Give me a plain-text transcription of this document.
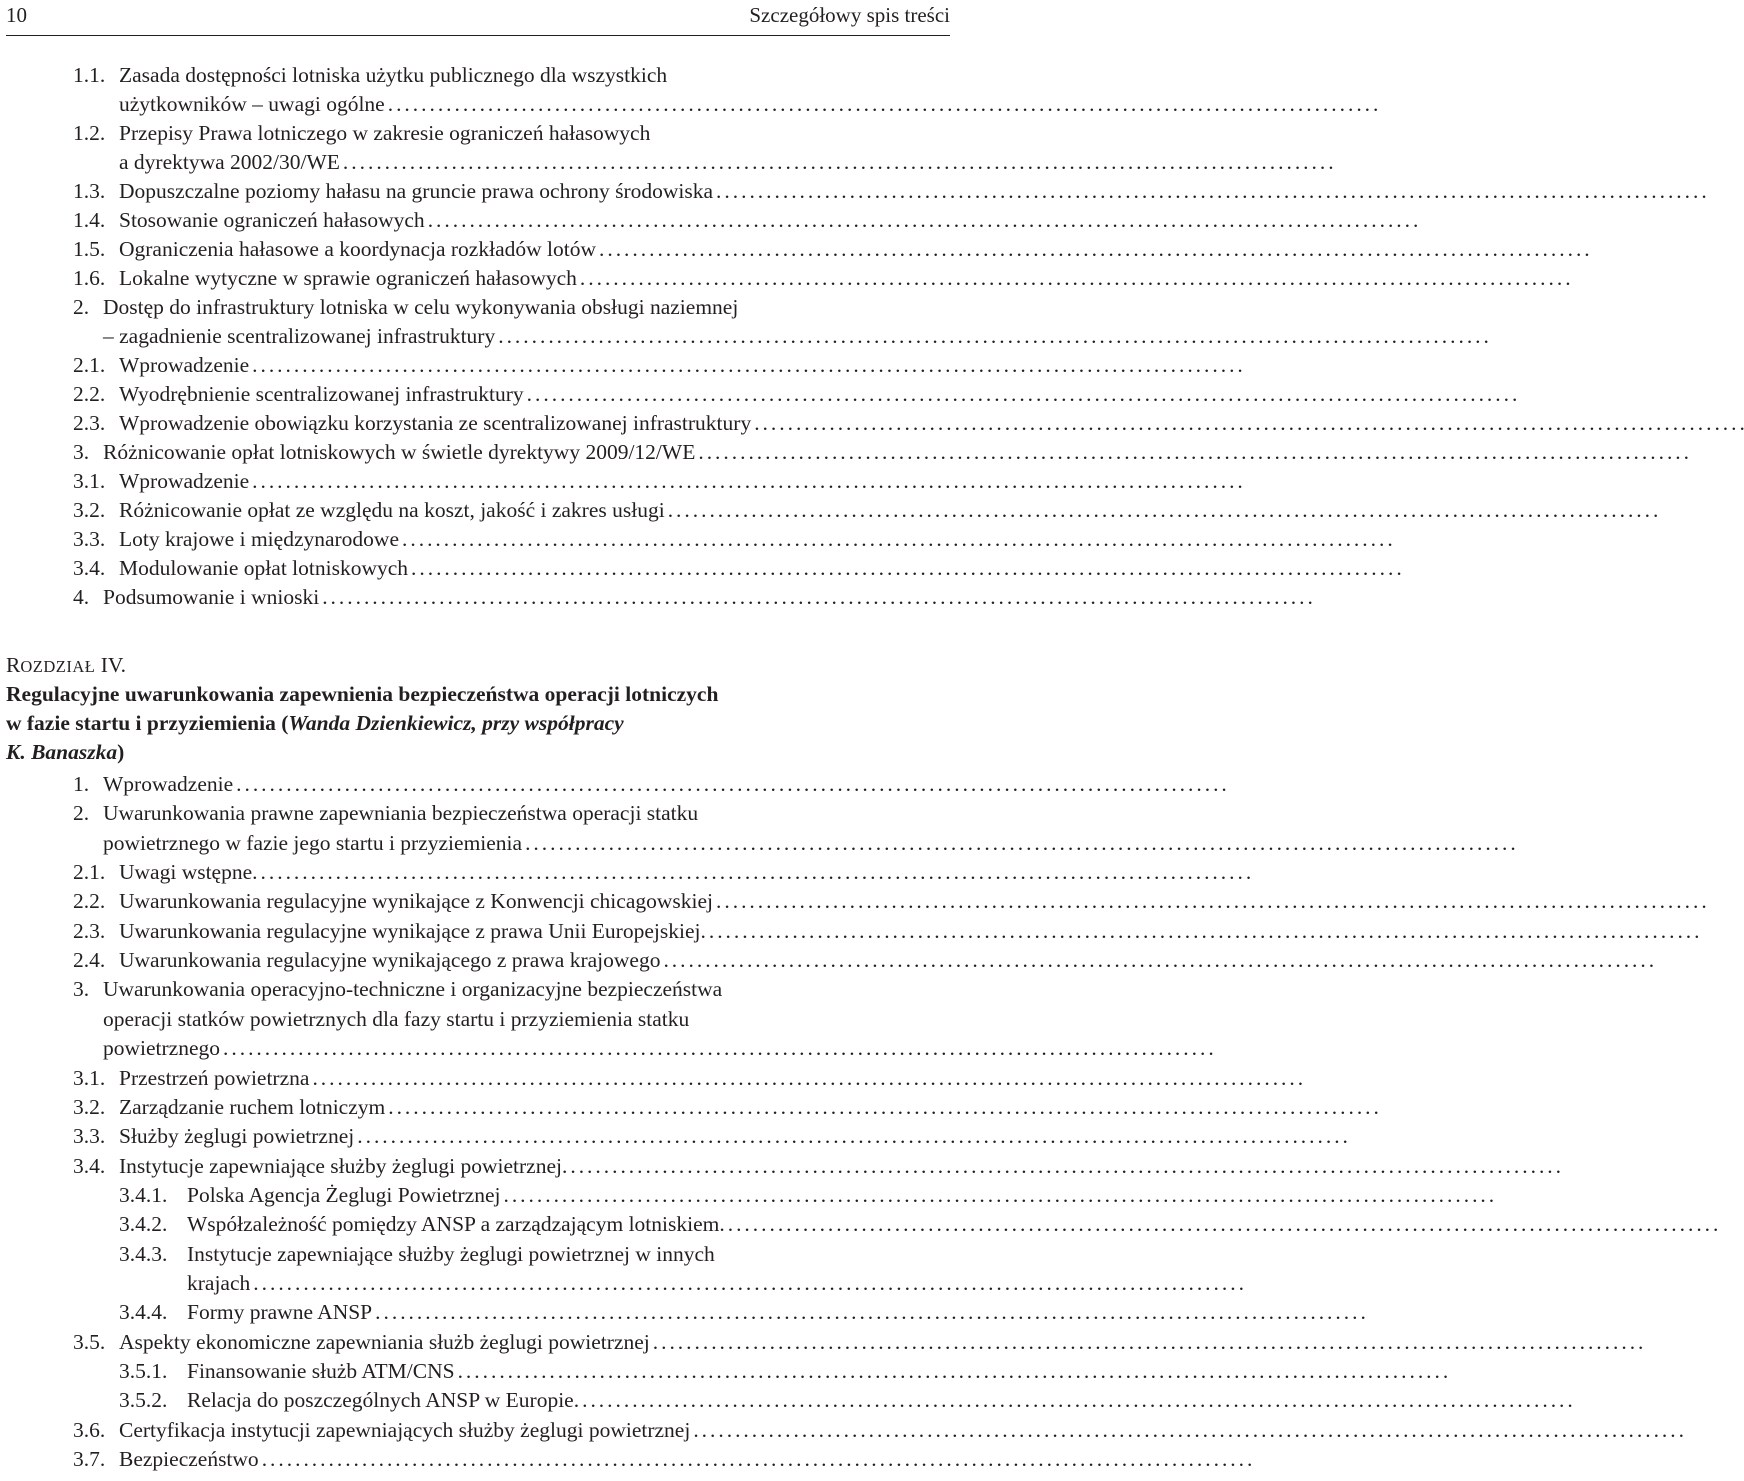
10	Szczegółowy spis treści
1.1. Zasada dostępności lotniska użytku publicznego dla wszystkich
użytkowników – uwagi ogólne
. . .
1.2. Przepisy Prawa lotniczego w zakresie ograniczeń hałasowych
a dyrektywa 2002/30/WE
. . .
1.3. Dopuszczalne poziomy hałasu na gruncie prawa ochrony środowiska
. . .
1.4. Stosowanie ograniczeń hałasowych
. . .
1.5. Ograniczenia hałasowe a koordynacja rozkładów lotów
. . .
1.6. Lokalne wytyczne w sprawie ograniczeń hałasowych
. . .
2. Dostęp do infrastruktury lotniska w celu wykonywania obsługi naziemnej
– zagadnienie scentralizowanej infrastruktury
. . .
2.1. Wprowadzenie
. . .
2.2. Wyodrębnienie scentralizowanej infrastruktury
. . .
2.3. Wprowadzenie obowiązku korzystania ze scentralizowanej infrastruktury
. . .
3. Różnicowanie opłat lotniskowych w świetle dyrektywy 2009/12/WE
. . .
3.1. Wprowadzenie
. . .
3.2. Różnicowanie opłat ze względu na koszt, jakość i zakres usługi
. . .
3.3. Loty krajowe i międzynarodowe
. . .
3.4. Modulowanie opłat lotniskowych
. . .
4. Podsumowanie i wnioski
. . .
1. Wprowadzenie
. . .
2. Uwarunkowania prawne zapewniania bezpieczeństwa operacji statku
powietrznego w fazie jego startu i przyziemienia
. . .
2.1. Uwagi wstępne.
. . .
2.2. Uwarunkowania regulacyjne wynikające z Konwencji chicagowskiej
. . .
2.3. Uwarunkowania regulacyjne wynikające z prawa Unii Europejskiej.
. . .
2.4. Uwarunkowania regulacyjne wynikającego z prawa krajowego
. . .
3. Uwarunkowania operacyjno-techniczne i organizacyjne bezpieczeństwa
operacji statków powietrznych dla fazy startu i przyziemienia statku
powietrznego
. . .
3.1. Przestrzeń powietrzna
. . .
3.2. Zarządzanie ruchem lotniczym
. . .
3.3. Służby żeglugi powietrznej
. . .
3.4. Instytucje zapewniające służby żeglugi powietrznej.
. . .
3.4.1. Polska Agencja Żeglugi Powietrznej
. . .
3.4.2. Współzależność pomiędzy ANSP a zarządzającym lotniskiem.
. . .
3.4.3. Instytucje zapewniające służby żeglugi powietrznej w innych
krajach
. . .
3.4.4. Formy prawne ANSP
. . .
3.5. Aspekty ekonomiczne zapewniania służb żeglugi powietrznej
. . .
3.5.1. Finansowanie służb ATM/CNS
. . .
3.5.2. Relacja do poszczególnych ANSP w Europie.
. . .
3.6. Certyfikacja instytucji zapewniających służby żeglugi powietrznej
. . .
3.7. Bezpieczeństwo
. . .
ROZDZIAŁ IV.
Regulacyjne uwarunkowania zapewnienia bezpieczeństwa operacji lotniczych
w fazie startu i przyziemienia (Wanda Dzienkiewicz, przy współpracy
K. Banaszka )
